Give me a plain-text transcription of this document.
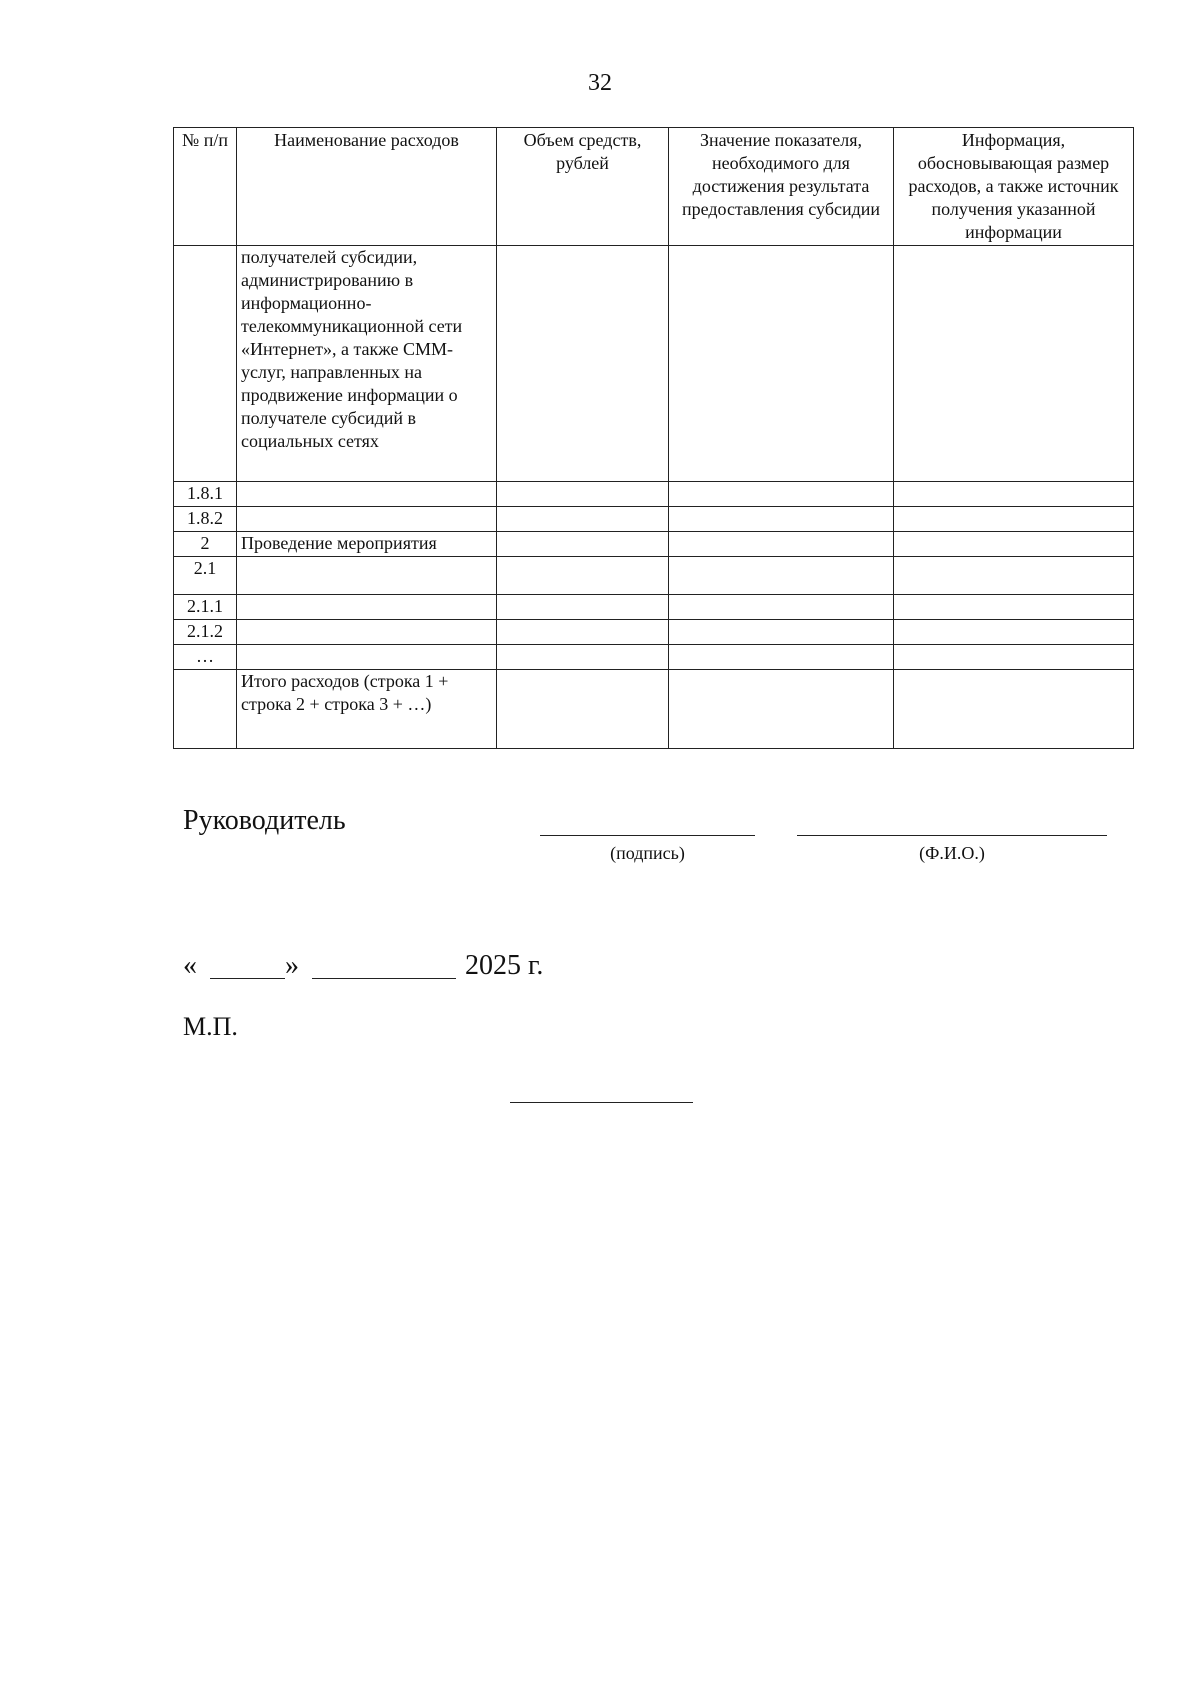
32
№ п/п	Наименование расходов	Объем средств, рублей	Значение показателя, необходимого для достижения результата предоставления субсидии	Информация, обосновывающая размер расходов, а также источник получения указанной информации
	получателей субсидии, администрированию в информационно-телекоммуникационной сети «Интернет», а также СММ-услуг, направленных на продвижение информации о получателе субсидий в социальных сетях			
1.8.1				
1.8.2				
2	Проведение мероприятия			
2.1				
2.1.1				
2.1.2				
…				
	Итого расходов (строка 1 + строка 2 + строка 3 + …)			
Руководитель
(подпись)	(Ф.И.О.)
«	»	2025 г.
М.П.
